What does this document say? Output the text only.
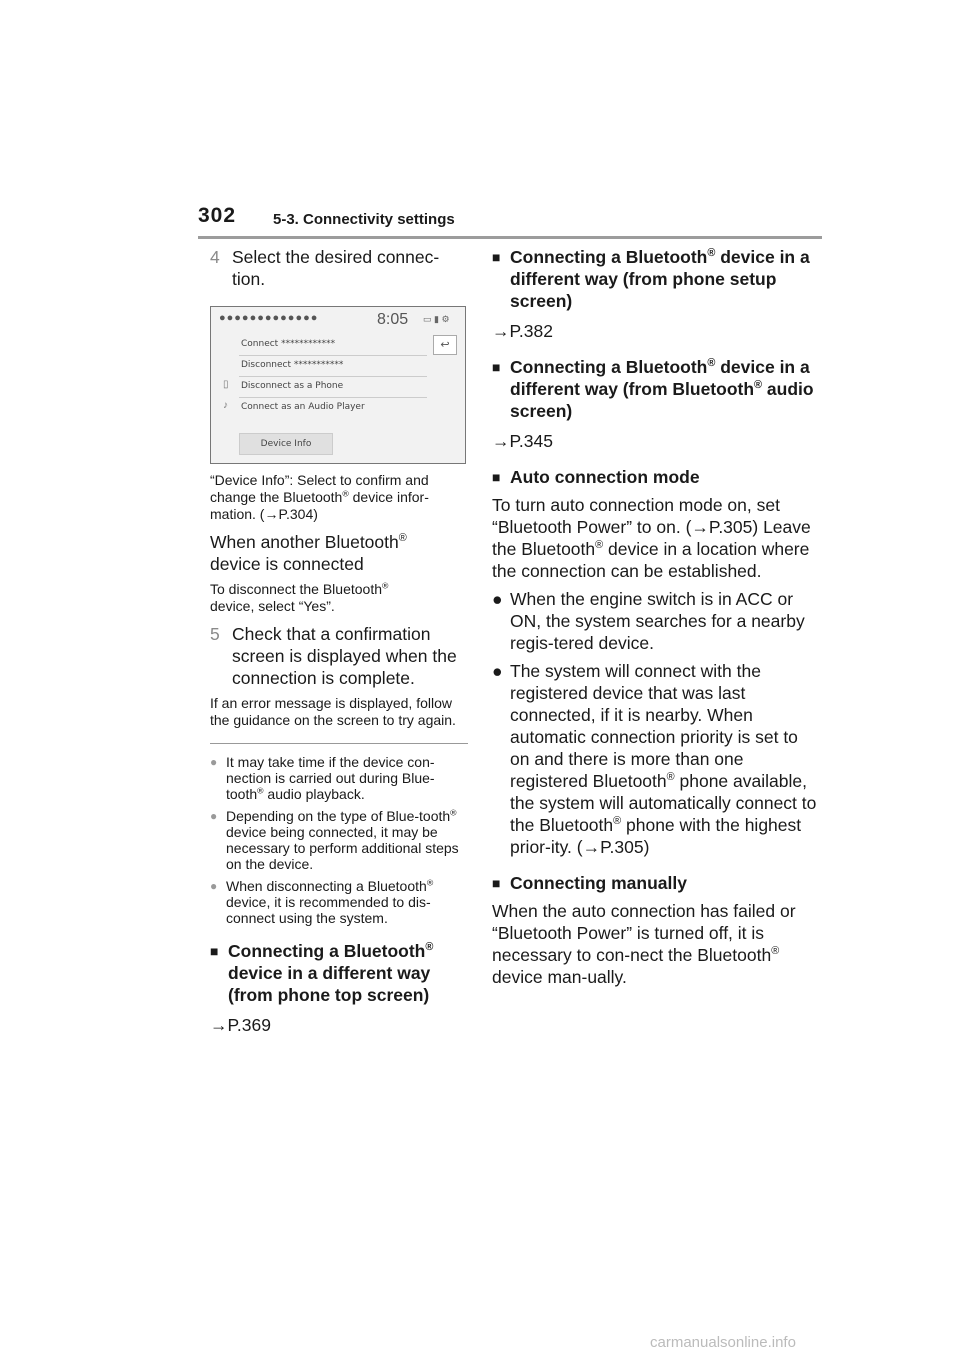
302 5-3. Connectivity settings
4 Select the desired connec-tion.
●●●●●●●●●●●●●	8:05 ▭ ▮ ⚙
↩
Connect ************
Disconnect ***********
▯ Disconnect as a Phone
♪ Connect as an Audio Player
Device Info
“Device Info”: Select to confirm and change the Bluetooth® device infor-mation. (→P.304)
When another Bluetooth®
device is connected
To disconnect the Bluetooth®
device, select “Yes”.
5 Check that a confirmation screen is displayed when the connection is complete.
If an error message is displayed, follow the guidance on the screen to try again.
● It may take time if the device con-nection is carried out during Blue-tooth® audio playback.
● Depending on the type of Blue-tooth® device being connected, it may be necessary to perform additional steps on the device.
● When disconnecting a Bluetooth® device, it is recommended to dis-connect using the system.
■ Connecting a Bluetooth® device in a different way (from phone top screen)
→P.369
■ Connecting a Bluetooth® device in a different way (from phone setup screen)
→P.382
■ Connecting a Bluetooth® device in a different way (from Bluetooth® audio screen)
→P.345
■ Auto connection mode
To turn auto connection mode on, set “Bluetooth Power” to on. (→P.305) Leave the Bluetooth® device in a location where the connection can be established.
● When the engine switch is in ACC or ON, the system searches for a nearby regis-tered device.
● The system will connect with the registered device that was last connected, if it is nearby. When automatic connection priority is set to on and there is more than one registered Bluetooth® phone available, the system will automatically connect to the Bluetooth® phone with the highest prior-ity. (→P.305)
■ Connecting manually
When the auto connection has failed or “Bluetooth Power” is turned off, it is necessary to con-nect the Bluetooth® device man-ually.
carmanualsonline.info
